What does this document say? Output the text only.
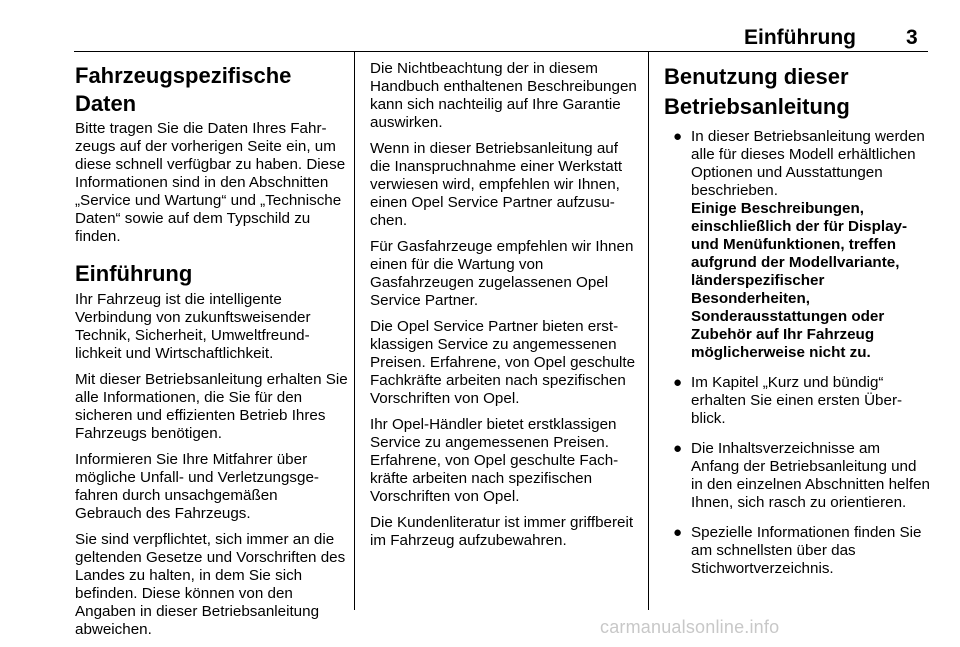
Einführung 3
Fahrzeugspezifische Daten

Bitte tragen Sie die Daten Ihres Fahrzeugs auf der vorherigen Seite ein, um diese schnell verfügbar zu haben. Diese Informationen sind in den Abschnitten „Service und Wartung“ und „Technische Daten“ sowie auf dem Typschild zu finden.

Einführung

Ihr Fahrzeug ist die intelligente Verbindung von zukunftsweisender Technik, Sicherheit, Umweltfreundlichkeit und Wirtschaftlichkeit.

Mit dieser Betriebsanleitung erhalten Sie alle Informationen, die Sie für den sicheren und effizienten Betrieb Ihres Fahrzeugs benötigen.

Informieren Sie Ihre Mitfahrer über mögliche Unfall- und Verletzungsgefahren durch unsachgemäßen Gebrauch des Fahrzeugs.

Sie sind verpflichtet, sich immer an die geltenden Gesetze und Vorschriften des Landes zu halten, in dem Sie sich befinden. Diese können von den Angaben in dieser Betriebsanleitung abweichen.

Die Nichtbeachtung der in diesem Handbuch enthaltenen Beschreibungen kann sich nachteilig auf Ihre Garantie auswirken.

Wenn in dieser Betriebsanleitung auf die Inanspruchnahme einer Werkstatt verwiesen wird, empfehlen wir Ihnen, einen Opel Service Partner aufzusuchen.

Für Gasfahrzeuge empfehlen wir Ihnen einen für die Wartung von Gasfahrzeugen zugelassenen Opel Service Partner.

Die Opel Service Partner bieten erstklassigen Service zu angemessenen Preisen. Erfahrene, von Opel geschulte Fachkräfte arbeiten nach spezifischen Vorschriften von Opel.

Ihr Opel-Händler bietet erstklassigen Service zu angemessenen Preisen. Erfahrene, von Opel geschulte Fachkräfte arbeiten nach spezifischen Vorschriften von Opel.

Die Kundenliteratur ist immer griffbereit im Fahrzeug aufzubewahren.

Benutzung dieser Betriebsanleitung
● In dieser Betriebsanleitung werden alle für dieses Modell erhältlichen Optionen und Ausstattungen beschrieben.
Einige Beschreibungen, einschließlich der für Display- und Menüfunktionen, treffen aufgrund der Modellvariante, länderspezifischer Besonderheiten, Sonderausstattungen oder Zubehör auf Ihr Fahrzeug möglicherweise nicht zu.
● Im Kapitel „Kurz und bündig“ erhalten Sie einen ersten Überblick.
● Die Inhaltsverzeichnisse am Anfang der Betriebsanleitung und in den einzelnen Abschnitten helfen Ihnen, sich rasch zu orientieren.
● Spezielle Informationen finden Sie am schnellsten über das Stichwortverzeichnis.
carmanualsonline.info
